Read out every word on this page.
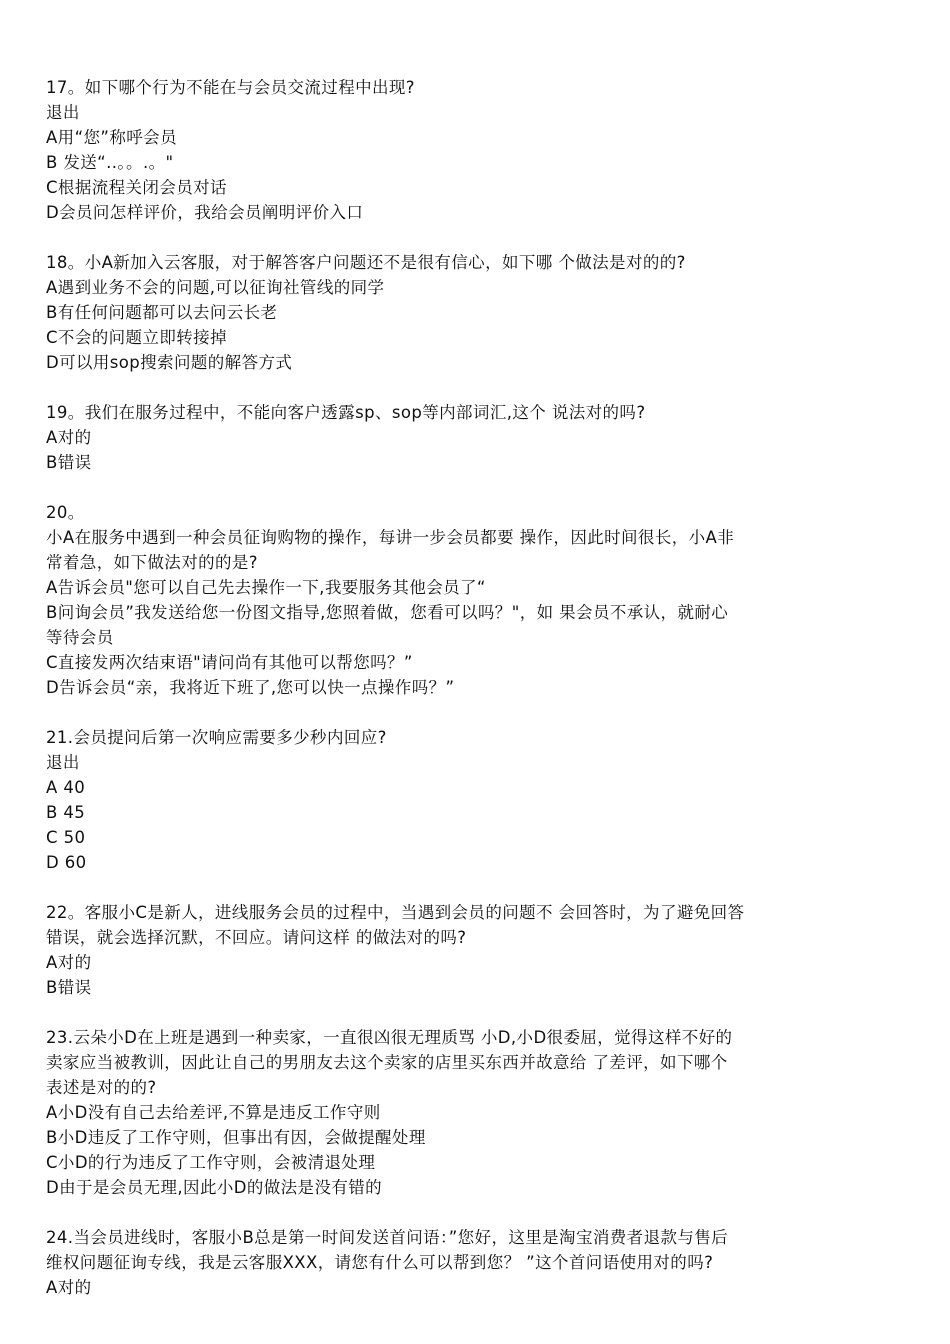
17。如下哪个行为不能在与会员交流过程中出现?
退出
A用“您”称呼会员
B 发送“..。。.。"
C根据流程关闭会员对话
D会员问怎样评价，我给会员阐明评价入口
18。小A新加入云客服，对于解答客户问题还不是很有信心，如下哪 个做法是对的的?
A遇到业务不会的问题,可以征询社管线的同学
B有任何问题都可以去问云长老
C不会的问题立即转接掉
D可以用sop搜索问题的解答方式
19。我们在服务过程中，不能向客户透露sp、sop等内部词汇,这个 说法对的吗?
A对的
B错误
20。
小A在服务中遇到一种会员征询购物的操作，每讲一步会员都要 操作，因此时间很长，小A非
常着急，如下做法对的的是?
A告诉会员"您可以自己先去操作一下,我要服务其他会员了“
B问询会员”我发送给您一份图文指导,您照着做，您看可以吗？"，如 果会员不承认，就耐心
等待会员
C直接发两次结束语"请问尚有其他可以帮您吗？”
D告诉会员“亲，我将近下班了,您可以快一点操作吗？”
21.会员提问后第一次响应需要多少秒内回应?
退出
A 40
B 45
C 50
D 60
22。客服小C是新人，进线服务会员的过程中，当遇到会员的问题不 会回答时，为了避免回答
错误，就会选择沉默，不回应。请问这样 的做法对的吗?
A对的
B错误
23.云朵小D在上班是遇到一种卖家，一直很凶很无理质骂 小D,小D很委屈，觉得这样不好的
卖家应当被教训，因此让自己的男朋友去这个卖家的店里买东西并故意给 了差评，如下哪个
表述是对的的?
A小D没有自己去给差评,不算是违反工作守则
B小D违反了工作守则，但事出有因，会做提醒处理
C小D的行为违反了工作守则，会被清退处理
D由于是会员无理,因此小D的做法是没有错的
24.当会员进线时，客服小B总是第一时间发送首问语：”您好，这里是淘宝消费者退款与售后
维权问题征询专线，我是云客服XXX，请您有什么可以帮到您？ ”这个首问语使用对的吗?
A对的
